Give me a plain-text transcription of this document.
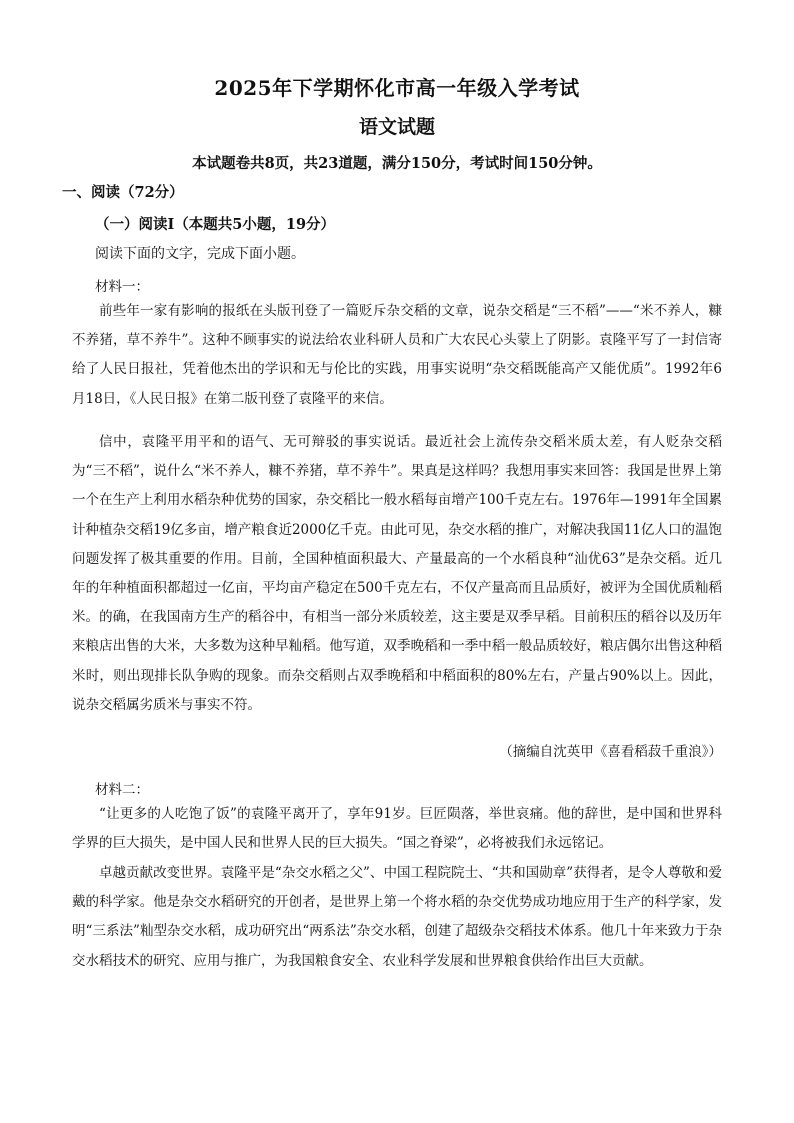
2025年下学期怀化市高一年级入学考试
语文试题
本试题卷共8页，共23道题，满分150分，考试时间150分钟。
一、阅读（72分）
（一）阅读Ⅰ（本题共5小题，19分）
阅读下面的文字，完成下面小题。
材料一：

前些年一家有影响的报纸在头版刊登了一篇贬斥杂交稻的文章，说杂交稻是“三不稻”——“米不养人，糠不养猪，草不养牛”。这种不顾事实的说法给农业科研人员和广大农民心头蒙上了阴影。袁隆平写了一封信寄给了人民日报社，凭着他杰出的学识和无与伦比的实践，用事实说明“杂交稻既能高产又能优质”。1992年6月18日，《人民日报》在第二版刊登了袁隆平的来信。

信中，袁隆平用平和的语气、无可辩驳的事实说话。最近社会上流传杂交稻米质太差，有人贬杂交稻为“三不稻”，说什么“米不养人，糠不养猪，草不养牛”。果真是这样吗？我想用事实来回答：我国是世界上第一个在生产上利用水稻杂种优势的国家，杂交稻比一般水稻每亩增产100千克左右。1976年—1991年全国累计种植杂交稻19亿多亩，增产粮食近2000亿千克。由此可见，杂交水稻的推广，对解决我国11亿人口的温饱问题发挥了极其重要的作用。目前，全国种植面积最大、产量最高的一个水稻良种“汕优63”是杂交稻。近几年的年种植面积都超过一亿亩，平均亩产稳定在500千克左右，不仅产量高而且品质好，被评为全国优质籼稻米。的确，在我国南方生产的稻谷中，有相当一部分米质较差，这主要是双季早稻。目前积压的稻谷以及历年来粮店出售的大米，大多数为这种早籼稻。他写道，双季晚稻和一季中稻一般品质较好，粮店偶尔出售这种稻米时，则出现排长队争购的现象。而杂交稻则占双季晚稻和中稻面积的80%左右，产量占90%以上。因此，说杂交稻属劣质米与事实不符。

（摘编自沈英甲《喜看稻菽千重浪》）
材料二：

“让更多的人吃饱了饭”的袁隆平离开了，享年91岁。巨匠陨落，举世哀痛。他的辞世，是中国和世界科学界的巨大损失，是中国人民和世界人民的巨大损失。“国之脊梁”，必将被我们永远铭记。

卓越贡献改变世界。袁隆平是“杂交水稻之父”、中国工程院院士、“共和国勋章”获得者，是令人尊敬和爱戴的科学家。他是杂交水稻研究的开创者，是世界上第一个将水稻的杂交优势成功地应用于生产的科学家，发明“三系法”籼型杂交水稻，成功研究出“两系法”杂交水稻，创建了超级杂交稻技术体系。他几十年来致力于杂交水稻技术的研究、应用与推广，为我国粮食安全、农业科学发展和世界粮食供给作出巨大贡献。
